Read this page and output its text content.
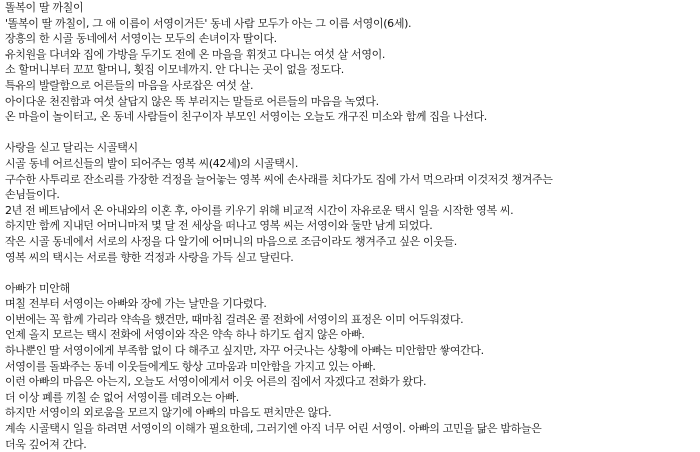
똘복이 딸 까칠이
'똘복이 딸 까칠이, 그 애 이름이 서영이거든' 동네 사람 모두가 아는 그 이름 서영이(6세).
장흥의 한 시골 동네에서 서영이는 모두의 손녀이자 딸이다.
유치원을 다녀와 집에 가방을 두기도 전에 온 마을을 휘젓고 다니는 여섯 살 서영이.
소 할머니부터 꼬꼬 할머니, 횟집 이모네까지. 안 다니는 곳이 없을 정도다.
특유의 발랄함으로 어른들의 마음을 사로잡은 여섯 살.
아이다운 천진함과 여섯 살답지 않은 똑 부러지는 말들로 어른들의 마음을 녹였다.
온 마을이 놀이터고, 온 동네 사람들이 친구이자 부모인 서영이는 오늘도 개구진 미소와 함께 집을 나선다.
사랑을 싣고 달리는 시골택시
시골 동네 어르신들의 발이 되어주는 영복 씨(42세)의 시골택시.
구수한 사투리로 잔소리를 가장한 걱정을 늘어놓는 영복 씨에 손사래를 치다가도 집에 가서 먹으라며 이것저것 챙겨주는
손님들이다.
2년 전 베트남에서 온 아내와의 이혼 후, 아이를 키우기 위해 비교적 시간이 자유로운 택시 일을 시작한 영복 씨.
하지만 함께 지내던 어머니마저 몇 달 전 세상을 떠나고 영복 씨는 서영이와 둘만 남게 되었다.
작은 시골 동네에서 서로의 사정을 다 알기에 어머니의 마음으로 조금이라도 챙겨주고 싶은 이웃들.
영복 씨의 택시는 서로를 향한 걱정과 사랑을 가득 싣고 달린다.
아빠가 미안해
며칠 전부터 서영이는 아빠와 장에 가는 날만을 기다렸다.
이번에는 꼭 함께 가리라 약속을 했건만, 때마침 걸려온 콜 전화에 서영이의 표정은 이미 어두워졌다.
언제 올지 모르는 택시 전화에 서영이와 작은 약속 하나 하기도 쉽지 않은 아빠.
하나뿐인 딸 서영이에게 부족함 없이 다 해주고 싶지만, 자꾸 어긋나는 상황에 아빠는 미안함만 쌓여간다.
서영이를 돌봐주는 동네 이웃들에게도 항상 고마움과 미안함을 가지고 있는 아빠.
이런 아빠의 마음은 아는지, 오늘도 서영이에게서 이웃 어른의 집에서 자겠다고 전화가 왔다.
더 이상 폐를 끼칠 순 없어 서영이를 데려오는 아빠.
하지만 서영이의 외로움을 모르지 않기에 아빠의 마음도 편치만은 않다.
계속 시골택시 일을 하려면 서영이의 이해가 필요한데, 그러기엔 아직 너무 어린 서영이. 아빠의 고민을 닮은 밤하늘은
더욱 깊어져 간다.
